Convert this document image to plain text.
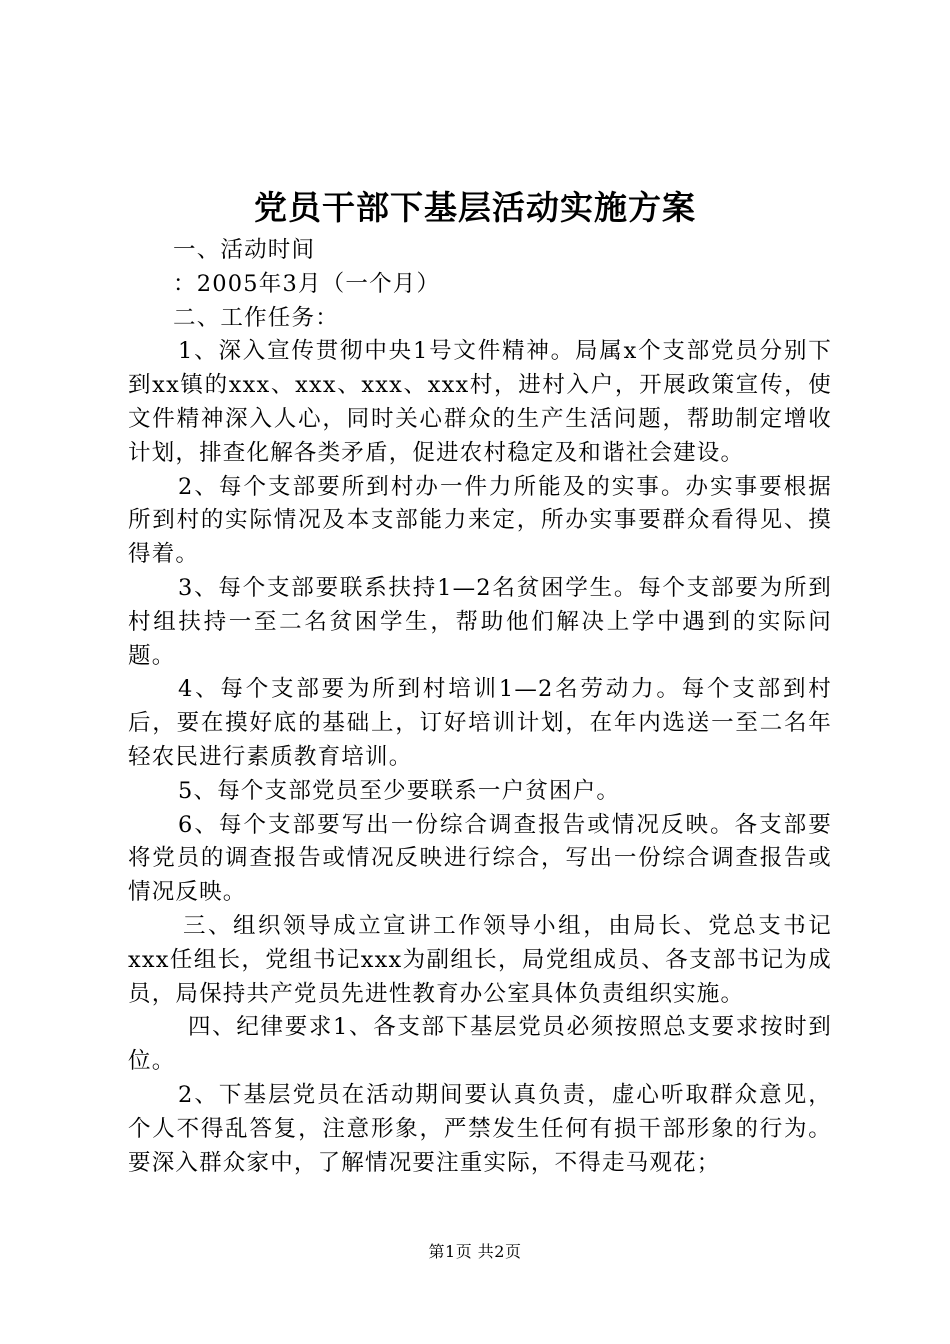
党员干部下基层活动实施方案

一、活动时间

：2005年3月（一个月）

二、工作任务：

1、深入宣传贯彻中央1号文件精神。局属x个支部党员分别下到xx镇的xxx、xxx、xxx、xxx村，进村入户，开展政策宣传，使文件精神深入人心，同时关心群众的生产生活问题，帮助制定增收计划，排查化解各类矛盾，促进农村稳定及和谐社会建设。

2、每个支部要所到村办一件力所能及的实事。办实事要根据所到村的实际情况及本支部能力来定，所办实事要群众看得见、摸得着。

3、每个支部要联系扶持1—2名贫困学生。每个支部要为所到村组扶持一至二名贫困学生，帮助他们解决上学中遇到的实际问题。

4、每个支部要为所到村培训1—2名劳动力。每个支部到村后，要在摸好底的基础上，订好培训计划，在年内选送一至二名年轻农民进行素质教育培训。

5、每个支部党员至少要联系一户贫困户。

6、每个支部要写出一份综合调查报告或情况反映。各支部要将党员的调查报告或情况反映进行综合，写出一份综合调查报告或情况反映。

三、组织领导成立宣讲工作领导小组，由局长、党总支书记xxx任组长，党组书记xxx为副组长，局党组成员、各支部书记为成员，局保持共产党员先进性教育办公室具体负责组织实施。

四、纪律要求1、各支部下基层党员必须按照总支要求按时到位。

2、下基层党员在活动期间要认真负责，虚心听取群众意见，个人不得乱答复，注意形象，严禁发生任何有损干部形象的行为。要深入群众家中，了解情况要注重实际，不得走马观花；

第1页 共2页
